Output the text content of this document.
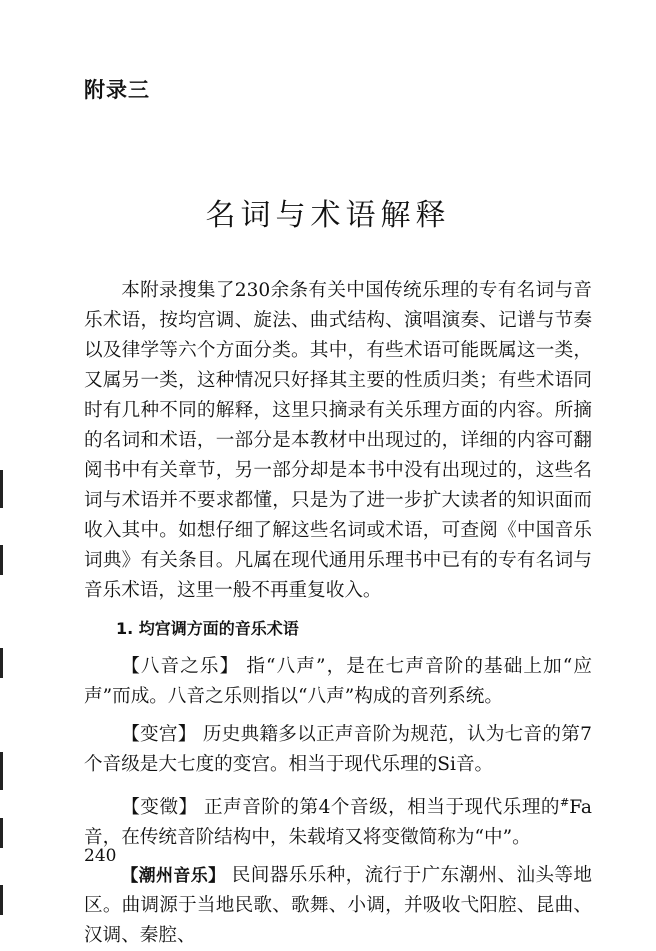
附录三
名词与术语解释

本附录搜集了230余条有关中国传统乐理的专有名词与音乐术语，按均宫调、旋法、曲式结构、演唱演奏、记谱与节奏以及律学等六个方面分类。其中，有些术语可能既属这一类，又属另一类，这种情况只好择其主要的性质归类；有些术语同时有几种不同的解释，这里只摘录有关乐理方面的内容。所摘的名词和术语，一部分是本教材中出现过的，详细的内容可翻阅书中有关章节，另一部分却是本书中没有出现过的，这些名词与术语并不要求都懂，只是为了进一步扩大读者的知识面而收入其中。如想仔细了解这些名词或术语，可查阅《中国音乐词典》有关条目。凡属在现代通用乐理书中已有的专有名词与音乐术语，这里一般不再重复收入。

1. 均宫调方面的音乐术语

【八音之乐】 指“八声”，是在七声音阶的基础上加“应声”而成。八音之乐则指以“八声”构成的音列系统。

【变宫】 历史典籍多以正声音阶为规范，认为七音的第7个音级是大七度的变宫。相当于现代乐理的Si音。

【变徵】 正声音阶的第4个音级，相当于现代乐理的#Fa音，在传统音阶结构中，朱载堉又将变徵简称为“中”。

【潮州音乐】 民间器乐乐种，流行于广东潮州、汕头等地区。曲调源于当地民歌、歌舞、小调，并吸收弋阳腔、昆曲、汉调、秦腔、

240
